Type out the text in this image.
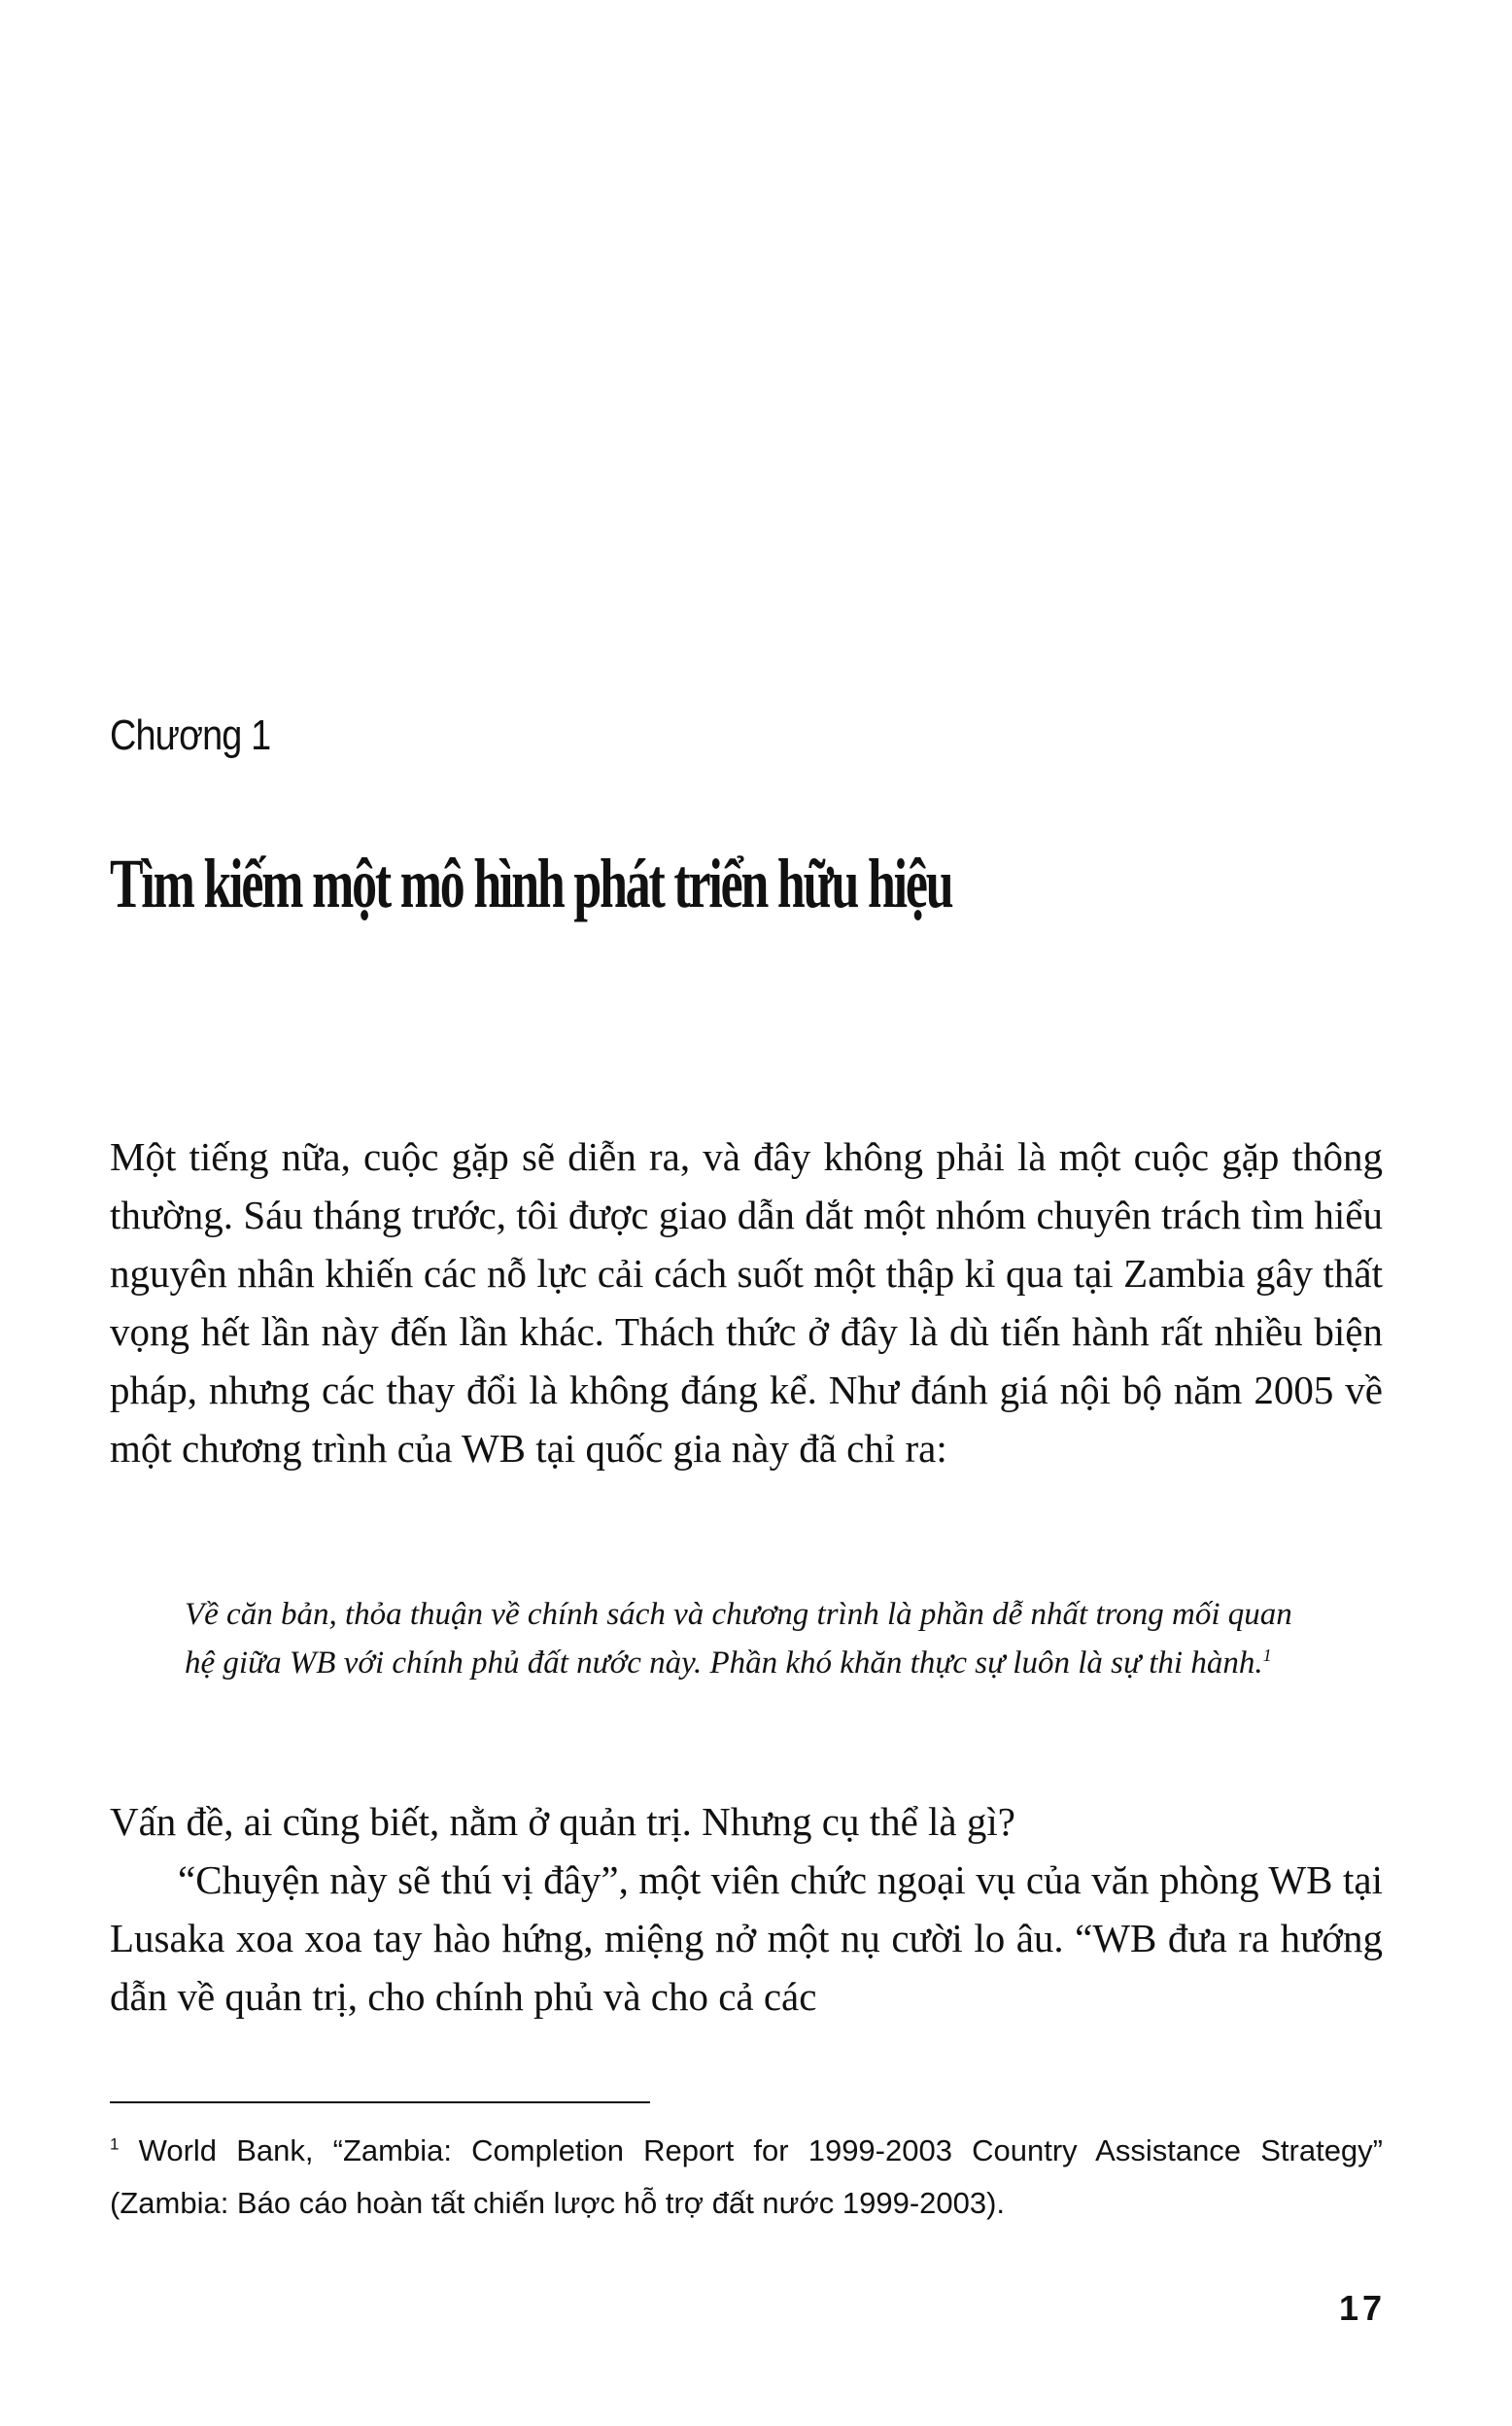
Chương 1

Tìm kiếm một mô hình phát triển hữu hiệu

Một tiếng nữa, cuộc gặp sẽ diễn ra, và đây không phải là một cuộc gặp thông thường. Sáu tháng trước, tôi được giao dẫn dắt một nhóm chuyên trách tìm hiểu nguyên nhân khiến các nỗ lực cải cách suốt một thập kỉ qua tại Zambia gây thất vọng hết lần này đến lần khác. Thách thức ở đây là dù tiến hành rất nhiều biện pháp, nhưng các thay đổi là không đáng kể. Như đánh giá nội bộ năm 2005 về một chương trình của WB tại quốc gia này đã chỉ ra:

Về căn bản, thỏa thuận về chính sách và chương trình là phần dễ nhất trong mối quan hệ giữa WB với chính phủ đất nước này. Phần khó khăn thực sự luôn là sự thi hành.$^1$

Vấn đề, ai cũng biết, nằm ở quản trị. Nhưng cụ thể là gì?

“Chuyện này sẽ thú vị đây”, một viên chức ngoại vụ của văn phòng WB tại Lusaka xoa xoa tay hào hứng, miệng nở một nụ cười lo âu. “WB đưa ra hướng dẫn về quản trị, cho chính phủ và cho cả các

$^1$ World Bank, “Zambia: Completion Report for 1999-2003 Country Assistance Strategy” (Zambia: Báo cáo hoàn tất chiến lược hỗ trợ đất nước 1999-2003).

17
